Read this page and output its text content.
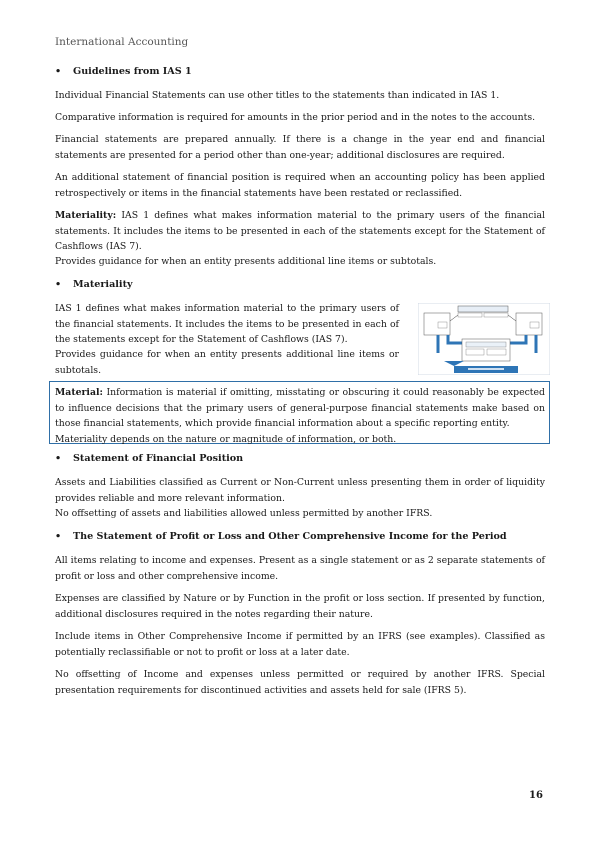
International Accounting
• Guidelines from IAS 1

Individual Financial Statements can use other titles to the statements than indicated in IAS 1.

Comparative information is required for amounts in the prior period and in the notes to the accounts.

Financial statements are prepared annually. If there is a change in the year end and financial statements are presented for a period other than one-year; additional disclosures are required.

An additional statement of financial position is required when an accounting policy has been applied retrospectively or items in the financial statements have been restated or reclassified.

Materiality: IAS 1 defines what makes information material to the primary users of the financial statements. It includes the items to be presented in each of the statements except for the Statement of Cashflows (IAS 7).

Provides guidance for when an entity presents additional line items or subtotals.

• Materiality

IAS 1 defines what makes information material to the primary users of the financial statements. It includes the items to be presented in each of the statements except for the Statement of Cashflows (IAS 7).

Provides guidance for when an entity presents additional line items or subtotals.

Material: Information is material if omitting, misstating or obscuring it could reasonably be expected to influence decisions that the primary users of general-purpose financial statements make based on those financial statements, which provide financial information about a specific reporting entity.
Materiality depends on the nature or magnitude of information, or both.

• Statement of Financial Position

Assets and Liabilities classified as Current or Non-Current unless presenting them in order of liquidity provides reliable and more relevant information.

No offsetting of assets and liabilities allowed unless permitted by another IFRS.

• The Statement of Profit or Loss and Other Comprehensive Income for the Period

All items relating to income and expenses. Present as a single statement or as 2 separate statements of profit or loss and other comprehensive income.

Expenses are classified by Nature or by Function in the profit or loss section. If presented by function, additional disclosures required in the notes regarding their nature.

Include items in Other Comprehensive Income if permitted by an IFRS (see examples). Classified as potentially reclassifiable or not to profit or loss at a later date.

No offsetting of Income and expenses unless permitted or required by another IFRS. Special presentation requirements for discontinued activities and assets held for sale (IFRS 5).

16
